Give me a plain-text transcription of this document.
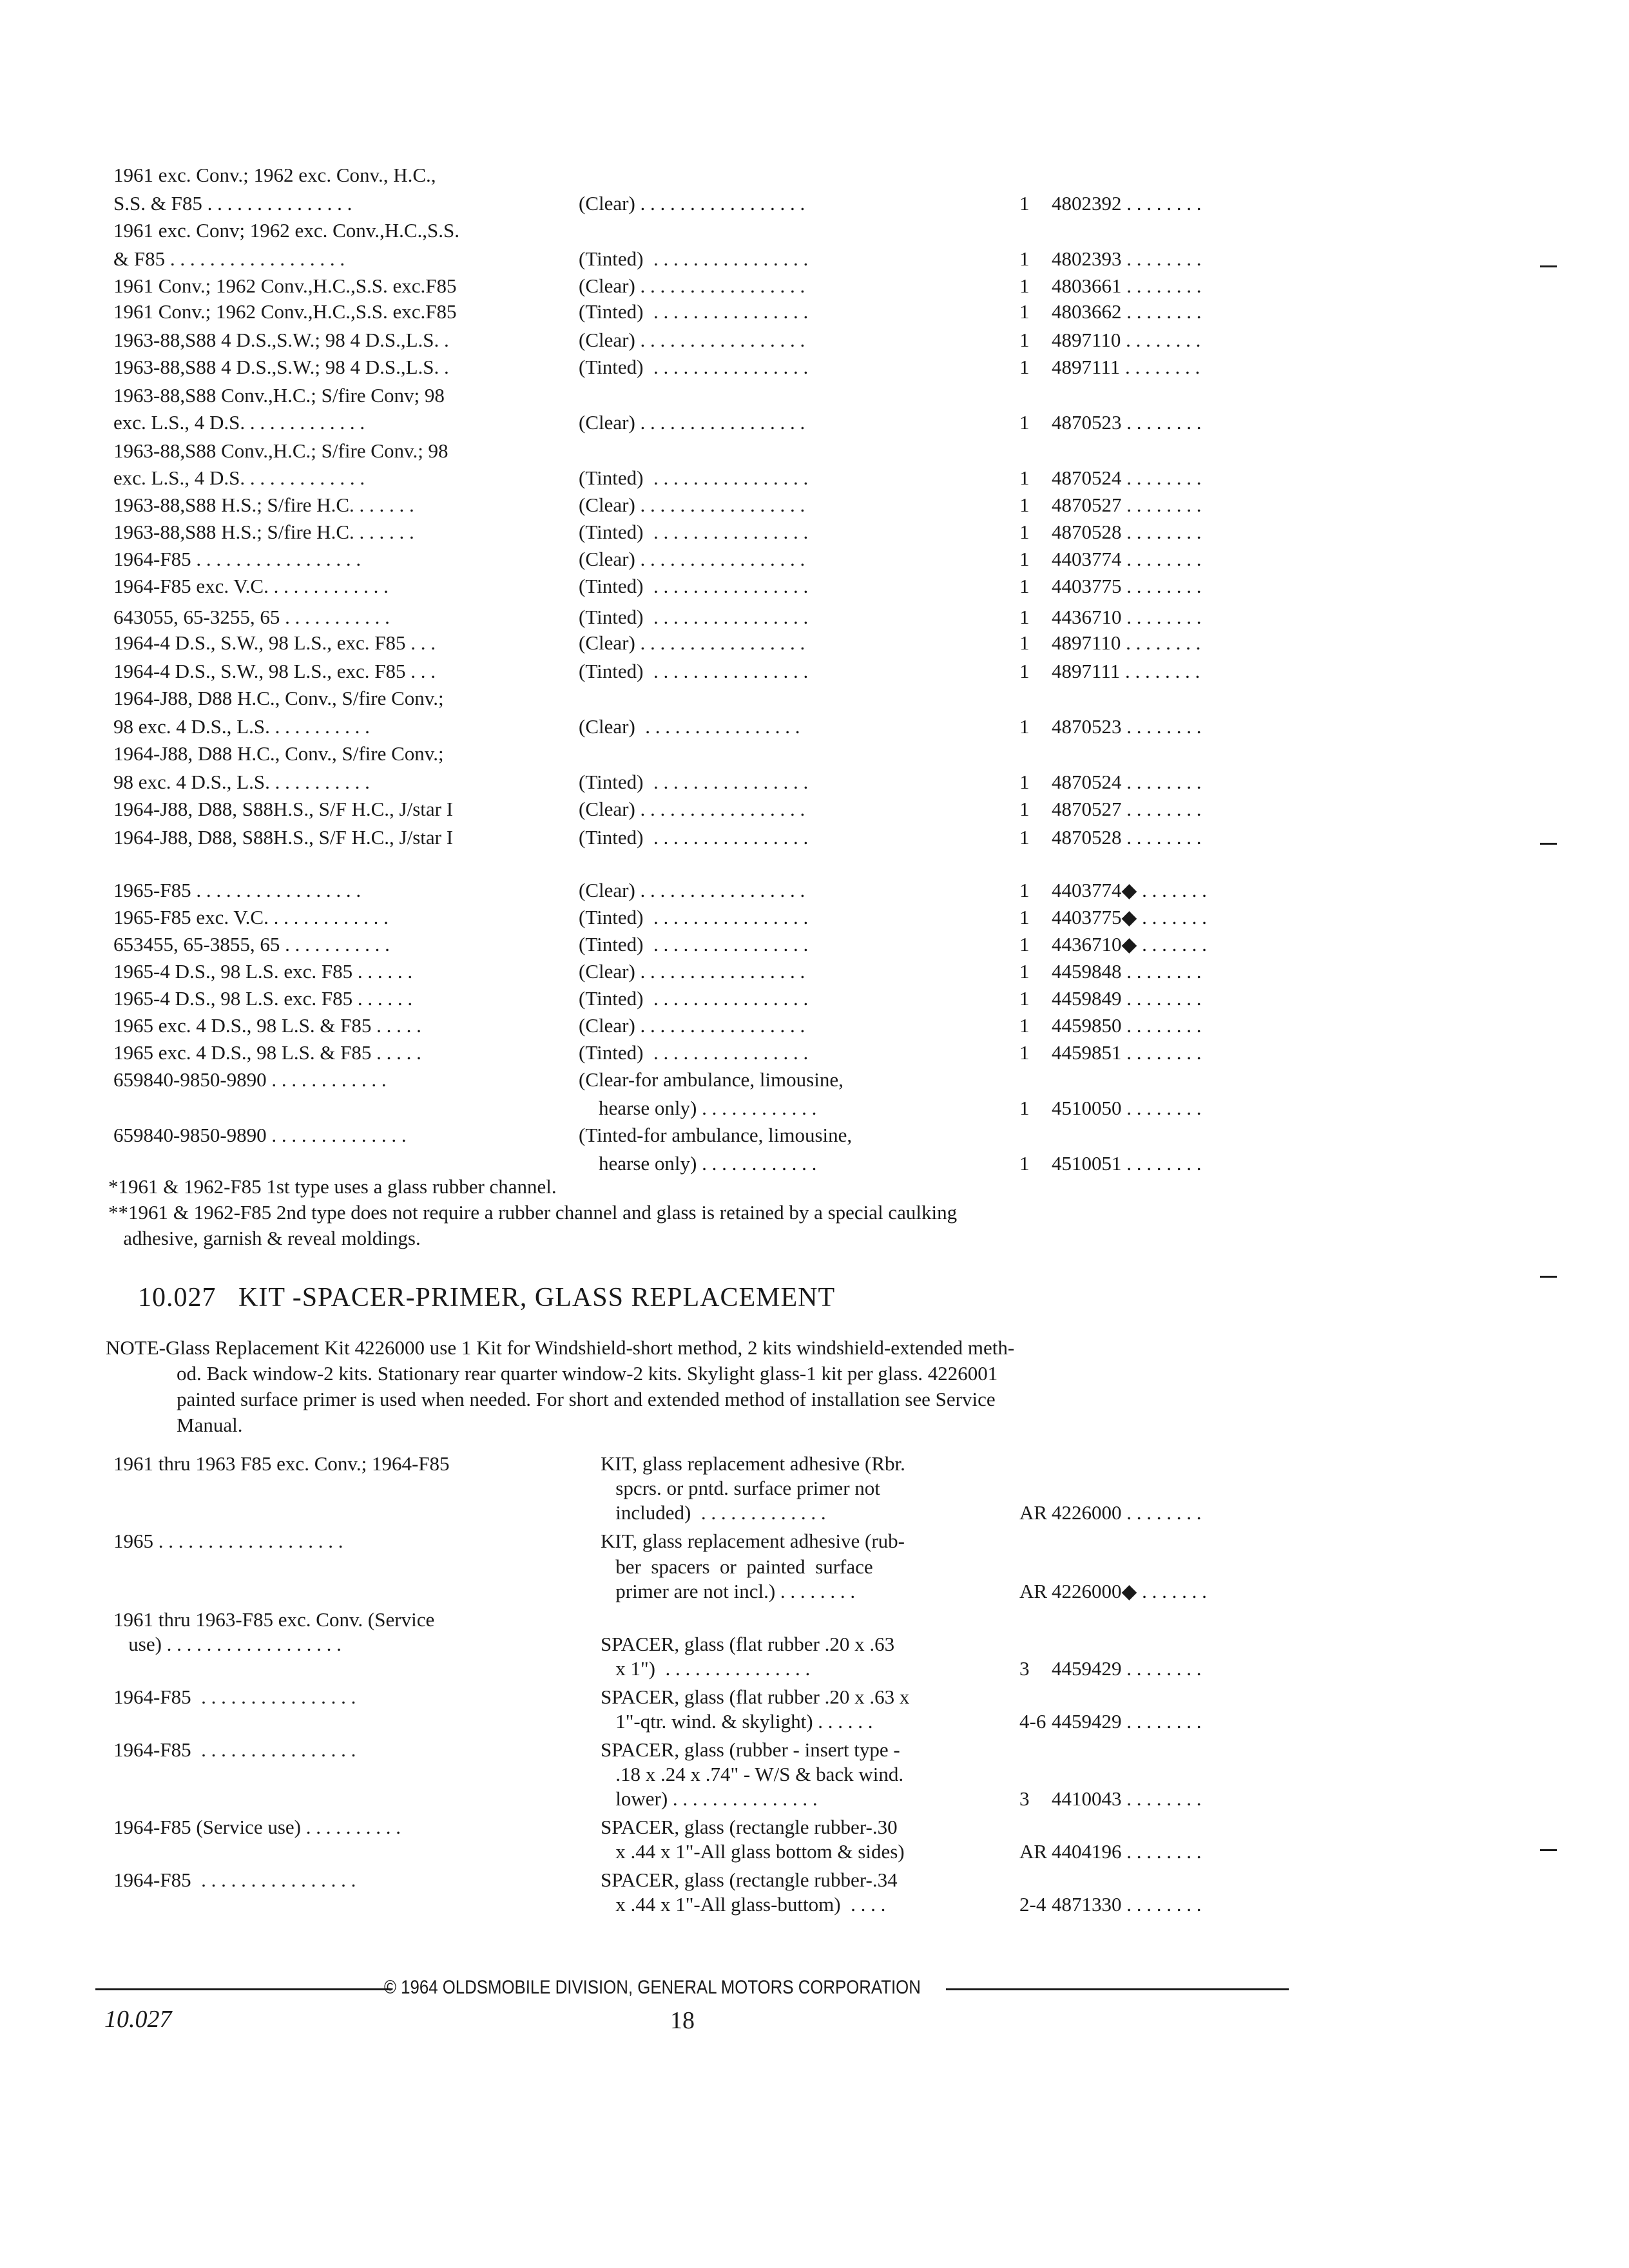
1961 exc. Conv.; 1962 exc. Conv., H.C.,
S.S. & F85 . . . . . . . . . . . . . . .	(Clear) . . . . . . . . . . . . . . . . .	1 4802392 . . . . . . . .
1961 exc. Conv; 1962 exc. Conv.,H.C.,S.S.
& F85 . . . . . . . . . . . . . . . . . .	(Tinted)  . . . . . . . . . . . . . . . .	1 4802393 . . . . . . . .
1961 Conv.; 1962 Conv.,H.C.,S.S. exc.F85	(Clear) . . . . . . . . . . . . . . . . .	1 4803661 . . . . . . . .
1961 Conv.; 1962 Conv.,H.C.,S.S. exc.F85	(Tinted)  . . . . . . . . . . . . . . . .	1 4803662 . . . . . . . .
1963-88,S88 4 D.S.,S.W.; 98 4 D.S.,L.S. .	(Clear) . . . . . . . . . . . . . . . . .	1 4897110 . . . . . . . .
1963-88,S88 4 D.S.,S.W.; 98 4 D.S.,L.S. .	(Tinted)  . . . . . . . . . . . . . . . .	1 4897111 . . . . . . . .
1963-88,S88 Conv.,H.C.; S/fire Conv; 98
exc. L.S., 4 D.S. . . . . . . . . . . . .	(Clear) . . . . . . . . . . . . . . . . .	1 4870523 . . . . . . . .
1963-88,S88 Conv.,H.C.; S/fire Conv.; 98
exc. L.S., 4 D.S. . . . . . . . . . . . .	(Tinted)  . . . . . . . . . . . . . . . .	1 4870524 . . . . . . . .
1963-88,S88 H.S.; S/fire H.C. . . . . . .	(Clear) . . . . . . . . . . . . . . . . .	1 4870527 . . . . . . . .
1963-88,S88 H.S.; S/fire H.C. . . . . . .	(Tinted)  . . . . . . . . . . . . . . . .	1 4870528 . . . . . . . .
1964-F85 . . . . . . . . . . . . . . . . .	(Clear) . . . . . . . . . . . . . . . . .	1 4403774 . . . . . . . .
1964-F85 exc. V.C. . . . . . . . . . . . .	(Tinted)  . . . . . . . . . . . . . . . .	1 4403775 . . . . . . . .
643055, 65-3255, 65 . . . . . . . . . . .	(Tinted)  . . . . . . . . . . . . . . . .	1 4436710 . . . . . . . .
1964-4 D.S., S.W., 98 L.S., exc. F85 . . .	(Clear) . . . . . . . . . . . . . . . . .	1 4897110 . . . . . . . .
1964-4 D.S., S.W., 98 L.S., exc. F85 . . .	(Tinted)  . . . . . . . . . . . . . . . .	1 4897111 . . . . . . . .
1964-J88, D88 H.C., Conv., S/fire Conv.;
98 exc. 4 D.S., L.S. . . . . . . . . . .	(Clear)  . . . . . . . . . . . . . . . .	1 4870523 . . . . . . . .
1964-J88, D88 H.C., Conv., S/fire Conv.;
98 exc. 4 D.S., L.S. . . . . . . . . . .	(Tinted)  . . . . . . . . . . . . . . . .	1 4870524 . . . . . . . .
1964-J88, D88, S88H.S., S/F H.C., J/star I	(Clear) . . . . . . . . . . . . . . . . .	1 4870527 . . . . . . . .
1964-J88, D88, S88H.S., S/F H.C., J/star I	(Tinted)  . . . . . . . . . . . . . . . .	1 4870528 . . . . . . . .
1965-F85 . . . . . . . . . . . . . . . . .	(Clear) . . . . . . . . . . . . . . . . .	1 4403774◆ . . . . . . .
1965-F85 exc. V.C. . . . . . . . . . . . .	(Tinted)  . . . . . . . . . . . . . . . .	1 4403775◆ . . . . . . .
653455, 65-3855, 65 . . . . . . . . . . .	(Tinted)  . . . . . . . . . . . . . . . .	1 4436710◆ . . . . . . .
1965-4 D.S., 98 L.S. exc. F85 . . . . . .	(Clear) . . . . . . . . . . . . . . . . .	1 4459848 . . . . . . . .
1965-4 D.S., 98 L.S. exc. F85 . . . . . .	(Tinted)  . . . . . . . . . . . . . . . .	1 4459849 . . . . . . . .
1965 exc. 4 D.S., 98 L.S. & F85 . . . . .	(Clear) . . . . . . . . . . . . . . . . .	1 4459850 . . . . . . . .
1965 exc. 4 D.S., 98 L.S. & F85 . . . . .	(Tinted)  . . . . . . . . . . . . . . . .	1 4459851 . . . . . . . .
659840-9850-9890 . . . . . . . . . . . .	(Clear-for ambulance, limousine,
hearse only) . . . . . . . . . . . .	1 4510050 . . . . . . . .
659840-9850-9890 . . . . . . . . . . . . . .	(Tinted-for ambulance, limousine,
hearse only) . . . . . . . . . . . .	1 4510051 . . . . . . . .
*1961 & 1962-F85 1st type uses a glass rubber channel.
**1961 & 1962-F85 2nd type does not require a rubber channel and glass is retained by a special caulking
adhesive, garnish & reveal moldings.
10.027   KIT -SPACER-PRIMER, GLASS REPLACEMENT

NOTE-Glass Replacement Kit 4226000 use 1 Kit for Windshield-short method, 2 kits windshield-extended meth-

od. Back window-2 kits. Stationary rear quarter window-2 kits. Skylight glass-1 kit per glass. 4226001

painted surface primer is used when needed. For short and extended method of installation see Service

Manual.

1961 thru 1963 F85 exc. Conv.; 1964-F85	KIT, glass replacement adhesive (Rbr.
spcrs. or pntd. surface primer not
included)  . . . . . . . . . . . . .	AR 4226000 . . . . . . . .
1965 . . . . . . . . . . . . . . . . . . .	KIT, glass replacement adhesive (rub-
ber  spacers  or  painted  surface
primer are not incl.) . . . . . . . .	AR 4226000◆ . . . . . . .
1961 thru 1963-F85 exc. Conv. (Service
use) . . . . . . . . . . . . . . . . . .	SPACER, glass (flat rubber .20 x .63
x 1")  . . . . . . . . . . . . . . .	3 4459429 . . . . . . . .
1964-F85  . . . . . . . . . . . . . . . .	SPACER, glass (flat rubber .20 x .63 x
1"-qtr. wind. & skylight) . . . . . .	4-6 4459429 . . . . . . . .
1964-F85  . . . . . . . . . . . . . . . .	SPACER, glass (rubber - insert type -
.18 x .24 x .74" - W/S & back wind.
lower) . . . . . . . . . . . . . . .	3 4410043 . . . . . . . .
1964-F85 (Service use) . . . . . . . . . .	SPACER, glass (rectangle rubber-.30
x .44 x 1"-All glass bottom & sides)	AR 4404196 . . . . . . . .
1964-F85  . . . . . . . . . . . . . . . .	SPACER, glass (rectangle rubber-.34
x .44 x 1"-All glass-buttom)  . . . .	2-4 4871330 . . . . . . . .
© 1964 OLDSMOBILE DIVISION, GENERAL MOTORS CORPORATION
10.027	18
